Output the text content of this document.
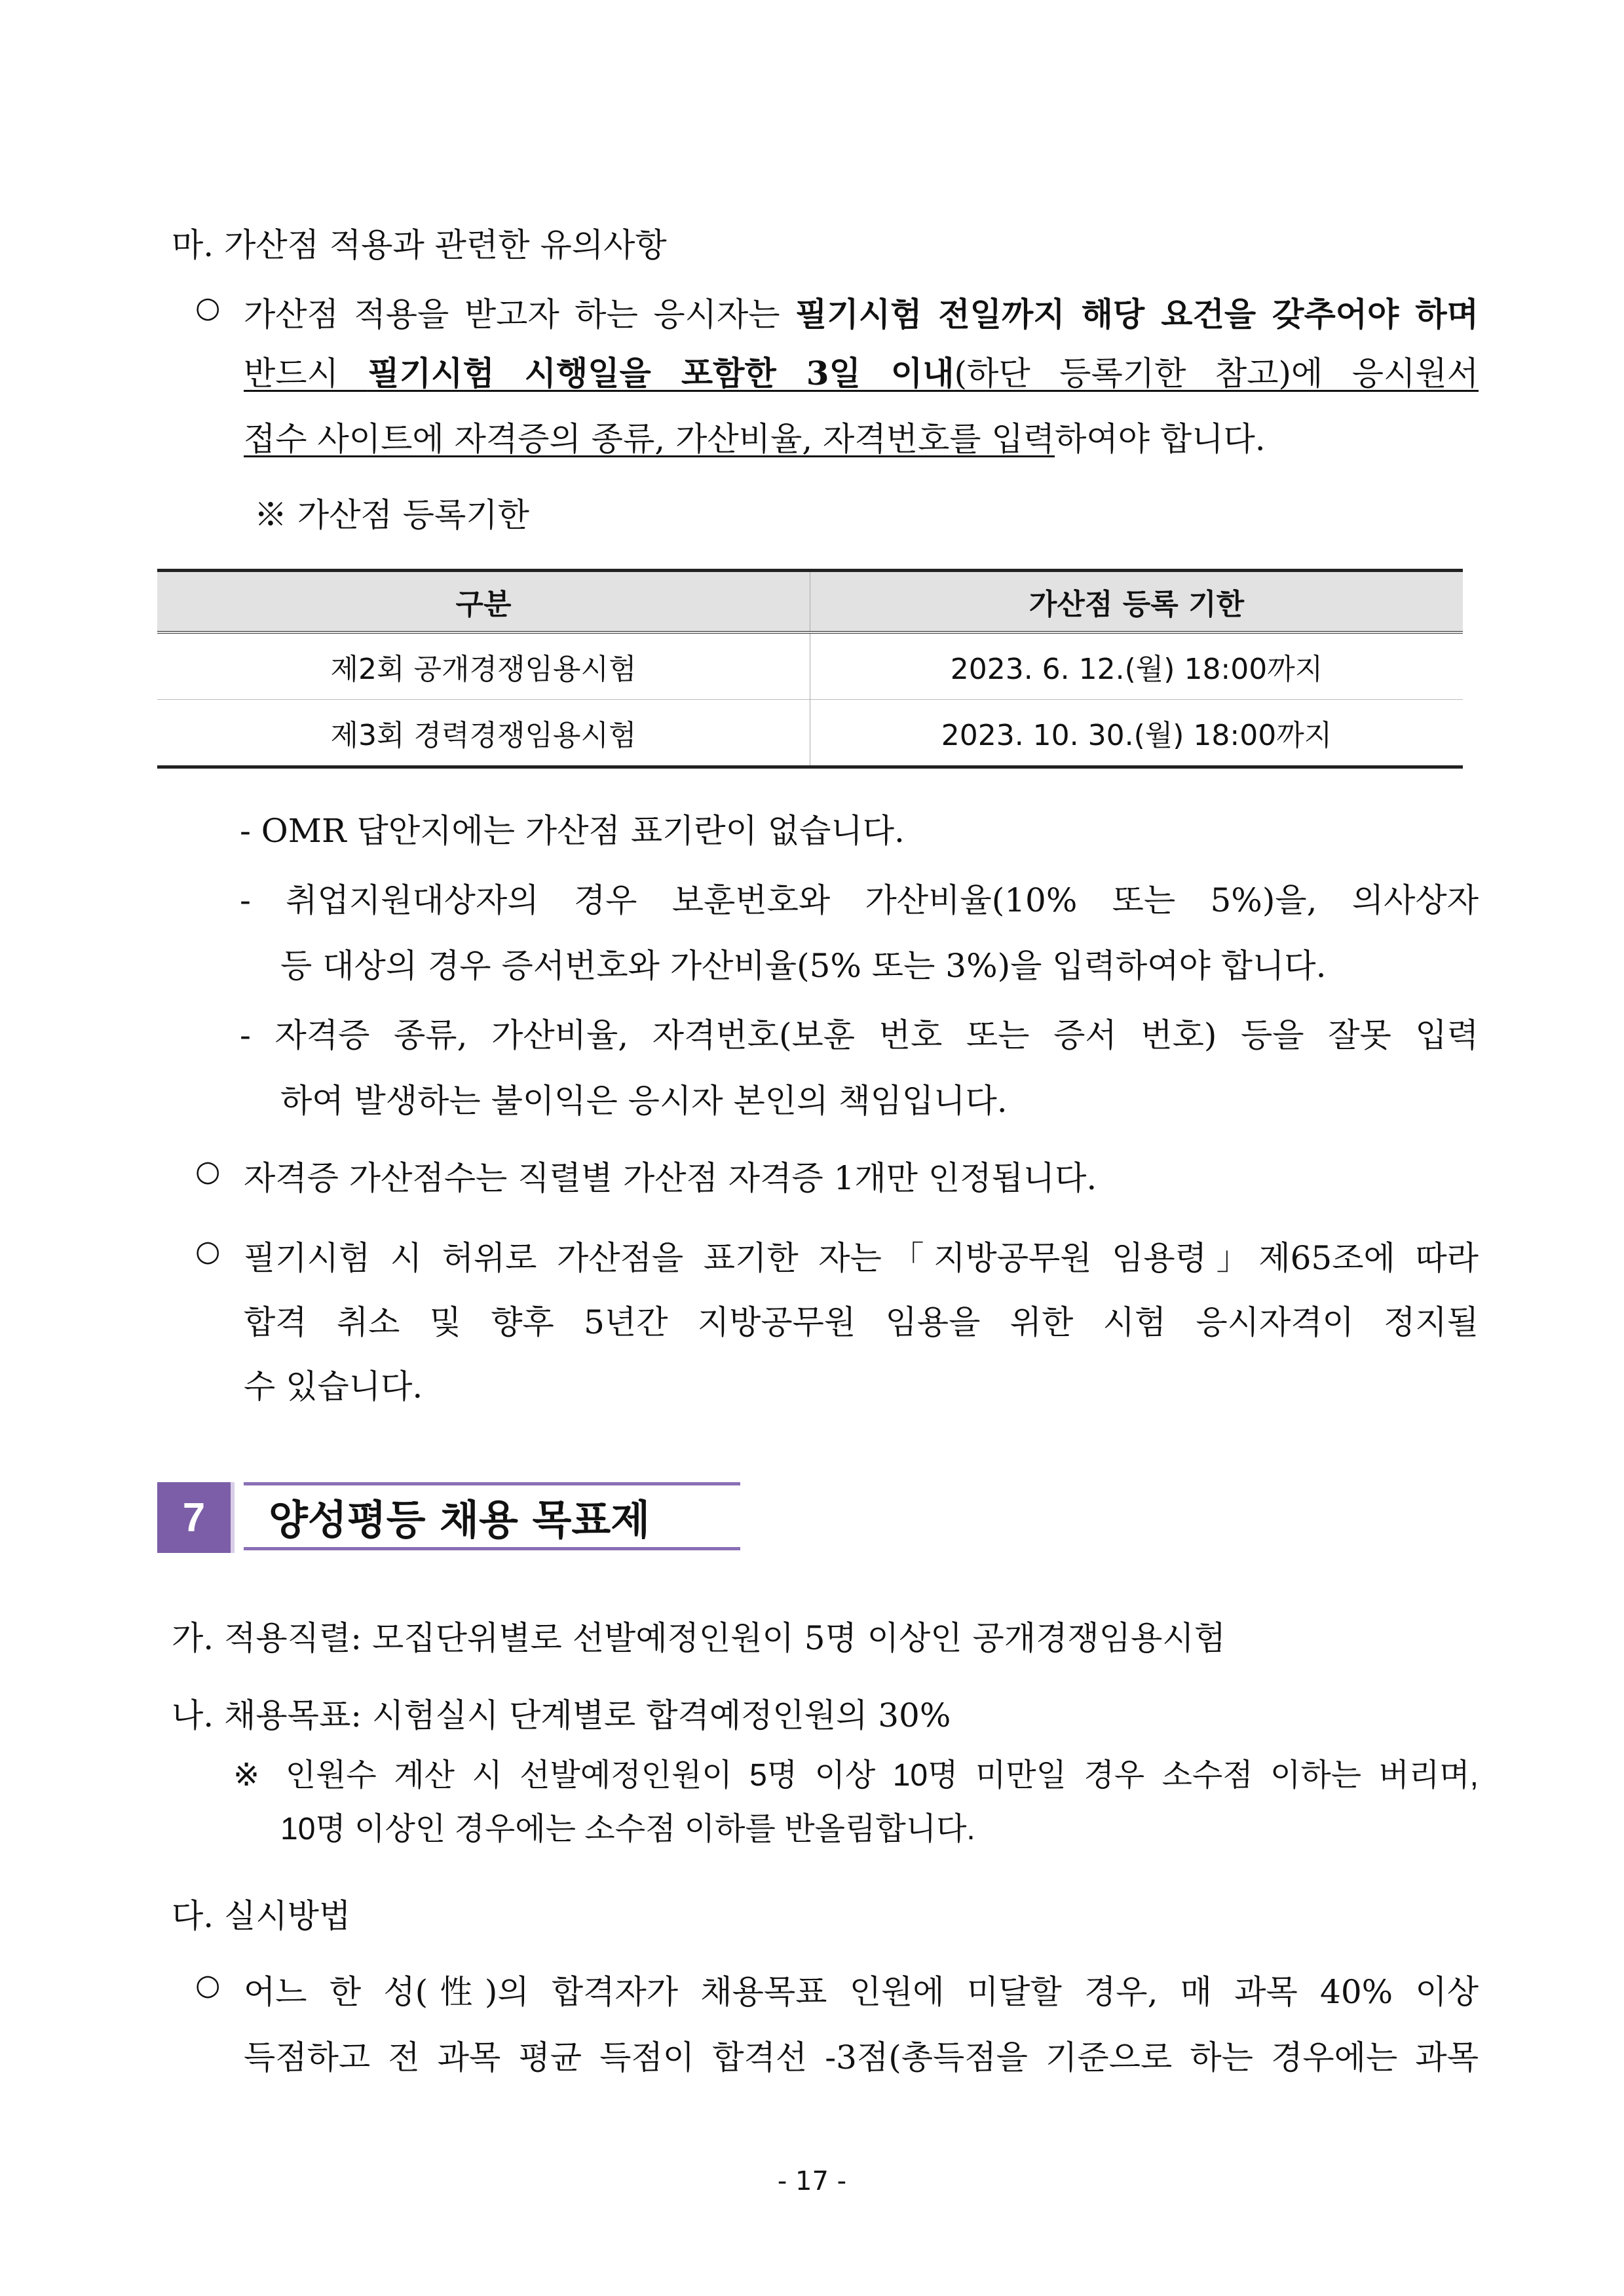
마. 가산점 적용과 관련한 유의사항
○ 가산점 적용을 받고자 하는 응시자는 필기시험 전일까지 해당 요건을 갖추어야 하며
반드시 필기시험 시행일을 포함한 3일 이내(하단 등록기한 참고)에 응시원서
접수 사이트에 자격증의 종류, 가산비율, 자격번호를 입력하여야 합니다.
※ 가산점 등록기한
구분	가산점 등록 기한
제2회 공개경쟁임용시험	2023. 6. 12.(월) 18:00까지
제3회 경력경쟁임용시험	2023. 10. 30.(월) 18:00까지
- OMR 답안지에는 가산점 표기란이 없습니다.
- 취업지원대상자의 경우 보훈번호와 가산비율(10% 또는 5%)을, 의사상자
등 대상의 경우 증서번호와 가산비율(5% 또는 3%)을 입력하여야 합니다.
- 자격증 종류, 가산비율, 자격번호(보훈 번호 또는 증서 번호) 등을 잘못 입력
하여 발생하는 불이익은 응시자 본인의 책임입니다.
○ 자격증 가산점수는 직렬별 가산점 자격증 1개만 인정됩니다.
○ 필기시험 시 허위로 가산점을 표기한 자는「지방공무원 임용령」제65조에 따라
합격 취소 및 향후 5년간 지방공무원 임용을 위한 시험 응시자격이 정지될
수 있습니다.
7	양성평등 채용 목표제
가. 적용직렬: 모집단위별로 선발예정인원이 5명 이상인 공개경쟁임용시험
나. 채용목표: 시험실시 단계별로 합격예정인원의 30%
※ 인원수 계산 시 선발예정인원이 5명 이상 10명 미만일 경우 소수점 이하는 버리며,
10명 이상인 경우에는 소수점 이하를 반올림합니다.
다. 실시방법
○ 어느 한 성(性)의 합격자가 채용목표 인원에 미달할 경우, 매 과목 40% 이상
득점하고 전 과목 평균 득점이 합격선 -3점(총득점을 기준으로 하는 경우에는 과목
- 17 -
